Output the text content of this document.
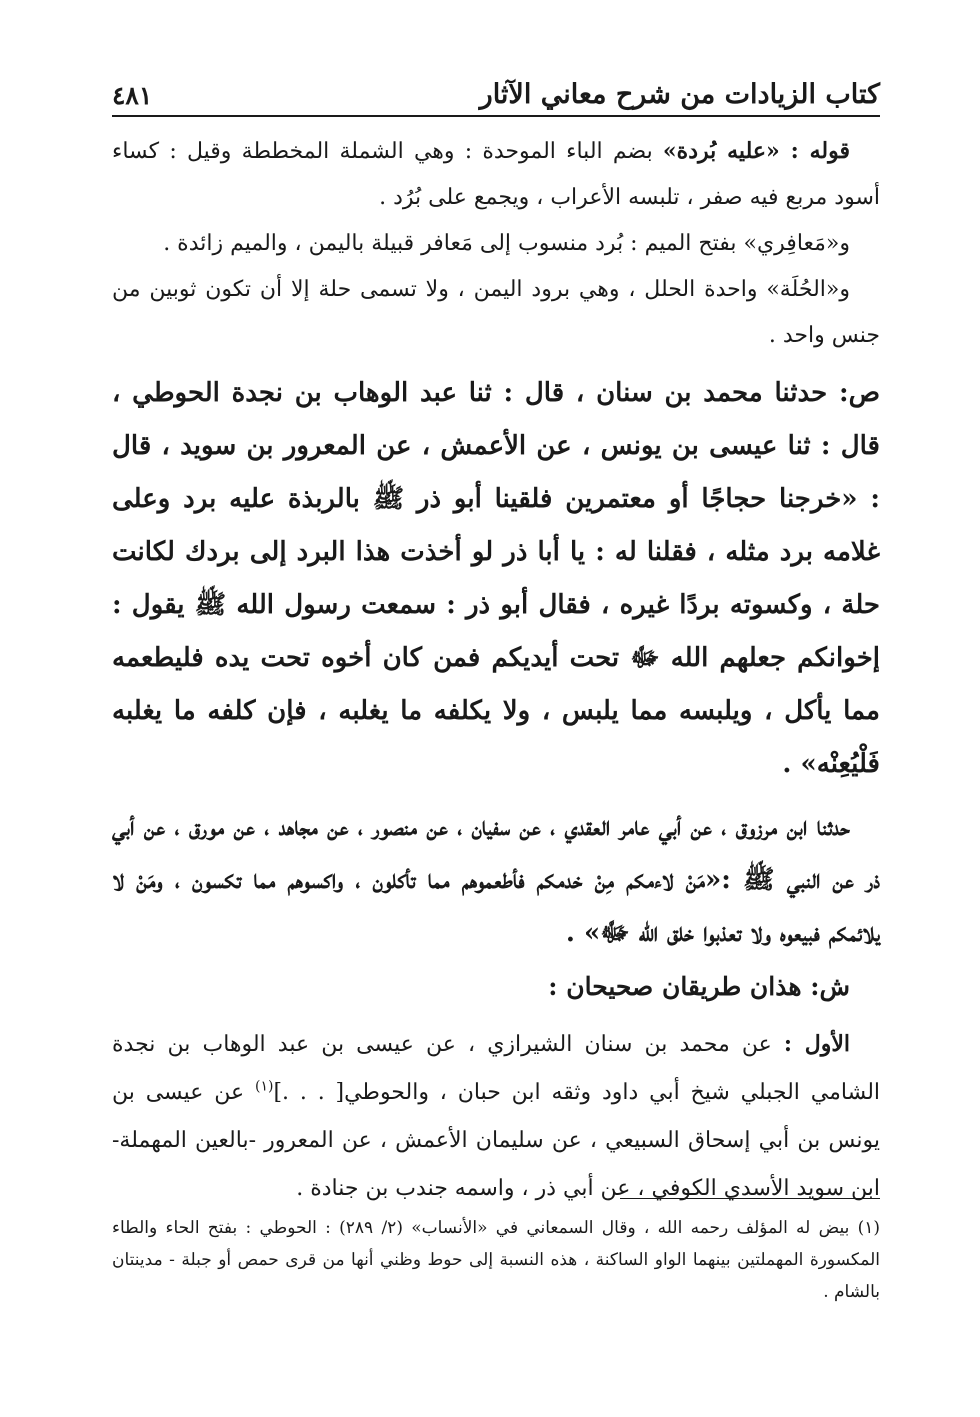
كتاب الزيادات من شرح معاني الآثار
٤٨١

قوله : «عليه بُردة» بضم الباء الموحدة : وهي الشملة المخططة وقيل : كساء أسود مربع فيه صفر ، تلبسه الأعراب ، ويجمع على بُرُد .

و«مَعافِري» بفتح الميم : بُرد منسوب إلى مَعافر قبيلة باليمن ، والميم زائدة .

و«الحُلَة» واحدة الحلل ، وهي برود اليمن ، ولا تسمى حلة إلا أن تكون ثوبين من جنس واحد .

ص: حدثنا محمد بن سنان ، قال : ثنا عبد الوهاب بن نجدة الحوطي ، قال : ثنا عيسى بن يونس ، عن الأعمش ، عن المعرور بن سويد ، قال : «خرجنا حجاجًا أو معتمرين فلقينا أبو ذر ﷺ بالربذة عليه برد وعلى غلامه برد مثله ، فقلنا له : يا أبا ذر لو أخذت هذا البرد إلى بردك لكانت حلة ، وكسوته بردًا غيره ، فقال أبو ذر : سمعت رسول الله ﷺ يقول : إخوانكم جعلهم الله ﷻ تحت أيديكم فمن كان أخوه تحت يده فليطعمه مما يأكل ، ويلبسه مما يلبس ، ولا يكلفه ما يغلبه ، فإن كلفه ما يغلبه فَلْيُعِنْه» .

حدثنا ابن مرزوق ، عن أبي عامر العقدي ، عن سفيان ، عن منصور ، عن مجاهد ، عن مورق ، عن أبي ذر عن النبي ﷺ :«مَنْ لاءمكم مِنْ خدمكم فأطعموهم مما تأكلون ، واكسوهم مما تكسون ، ومَنْ لا يلائمكم فبيعوه ولا تعذبوا خلق الله ﷻ» .

ش: هذان طريقان صحيحان :

الأول : عن محمد بن سنان الشيرازي ، عن عيسى بن عبد الوهاب بن نجدة الشامي الجبلي شيخ أبي داود وثقه ابن حبان ، والحوطي[ . . .]$^{(١)}$ عن عيسى بن يونس بن أبي إسحاق السبيعي ، عن سليمان الأعمش ، عن المعرور -بالعين المهملة- ابن سويد الأسدي الكوفي ، عن أبي ذر ، واسمه جندب بن جنادة .

(١) بيض له المؤلف رحمه الله ، وقال السمعاني في «الأنساب» (٢/ ٢٨٩) : الحوطي : بفتح الحاء والطاء المكسورة المهملتين بينهما الواو الساكنة ، هذه النسبة إلى حوط وظني أنها من قرى حمص أو جبلة - مدينتان بالشام .
